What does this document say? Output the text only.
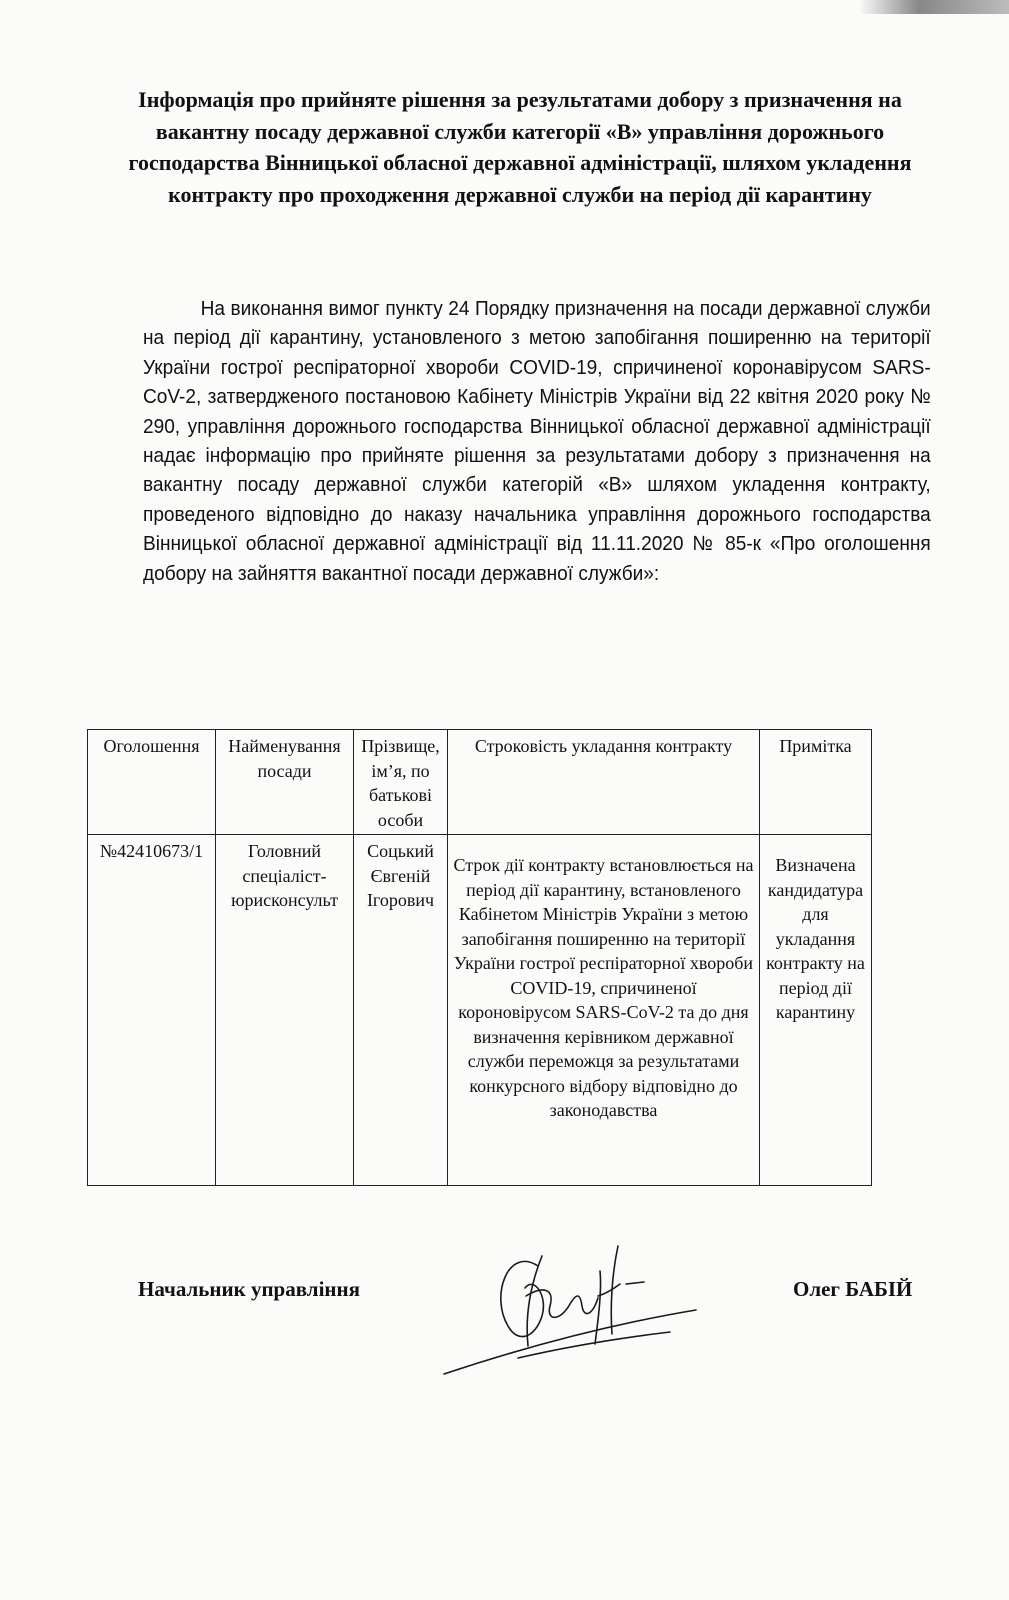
Інформація про прийняте рішення за результатами добору з призначення на вакантну посаду державної служби категорії «В» управління дорожнього господарства Вінницької обласної державної адміністрації, шляхом укладення контракту про проходження державної служби на період дії карантину
На виконання вимог пункту 24 Порядку призначення на посади державної служби на період дії карантину, установленого з метою запобігання поширенню на території України гострої респіраторної хвороби COVID-19, спричиненої коронавірусом SARS-CoV-2, затвердженого постановою Кабінету Міністрів України від 22 квітня 2020 року № 290, управління дорожнього господарства Вінницької обласної державної адміністрації надає інформацію про прийняте рішення за результатами добору з призначення на вакантну посаду державної служби категорій «В» шляхом укладення контракту, проведеного відповідно до наказу начальника управління дорожнього господарства Вінницької обласної державної адміністрації від 11.11.2020 № 85-к «Про оголошення добору на зайняття вакантної посади державної служби»:
Оголошення	Найменування посади	Прізвище, ім’я, по батькові особи	Строковість укладання контракту	Примітка
№42410673/1	Головний спеціаліст-юрисконсульт	Соцький Євгеній Ігорович	Строк дії контракту встановлюється на період дії карантину, встановленого Кабінетом Міністрів України з метою запобігання поширенню на території України гострої респіраторної хвороби COVID-19, спричиненої короновірусом SARS-CoV-2 та до дня визначення керівником державної служби переможця за результатами конкурсного відбору відповідно до законодавства	Визначена кандидатура для укладання контракту на період дії карантину
Начальник управління	Олег БАБІЙ
